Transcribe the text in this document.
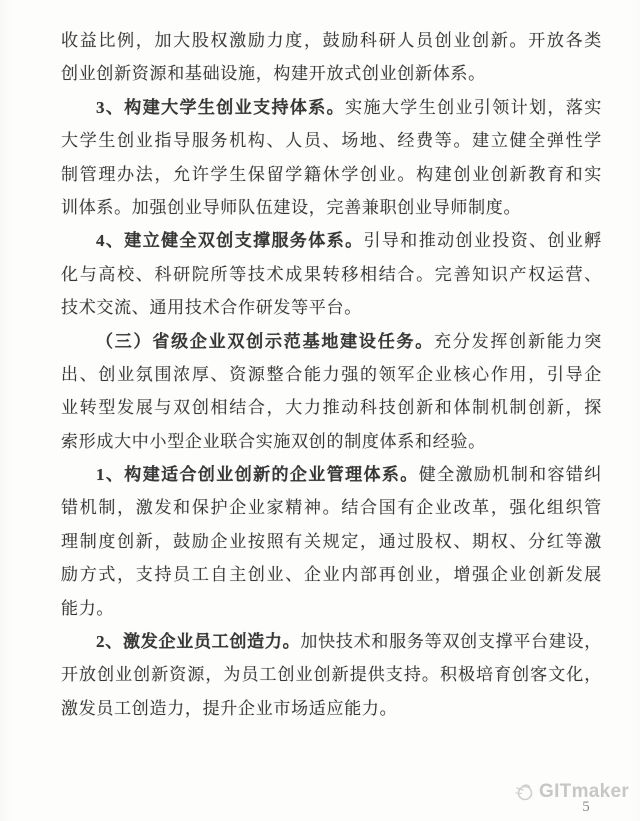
收益比例，加大股权激励力度，鼓励科研人员创业创新。开放各类
创业创新资源和基础设施，构建开放式创业创新体系。
3、构建大学生创业支持体系。实施大学生创业引领计划，落实
大学生创业指导服务机构、人员、场地、经费等。建立健全弹性学
制管理办法，允许学生保留学籍休学创业。构建创业创新教育和实
训体系。加强创业导师队伍建设，完善兼职创业导师制度。
4、建立健全双创支撑服务体系。引导和推动创业投资、创业孵
化与高校、科研院所等技术成果转移相结合。完善知识产权运营、
技术交流、通用技术合作研发等平台。
（三）省级企业双创示范基地建设任务。充分发挥创新能力突
出、创业氛围浓厚、资源整合能力强的领军企业核心作用，引导企
业转型发展与双创相结合，大力推动科技创新和体制机制创新，探
索形成大中小型企业联合实施双创的制度体系和经验。
1、构建适合创业创新的企业管理体系。健全激励机制和容错纠
错机制，激发和保护企业家精神。结合国有企业改革，强化组织管
理制度创新，鼓励企业按照有关规定，通过股权、期权、分红等激
励方式，支持员工自主创业、企业内部再创业，增强企业创新发展
能力。
2、激发企业员工创造力。加快技术和服务等双创支撑平台建设，
开放创业创新资源，为员工创业创新提供支持。积极培育创客文化，
激发员工创造力，提升企业市场适应能力。
GITmaker
5
